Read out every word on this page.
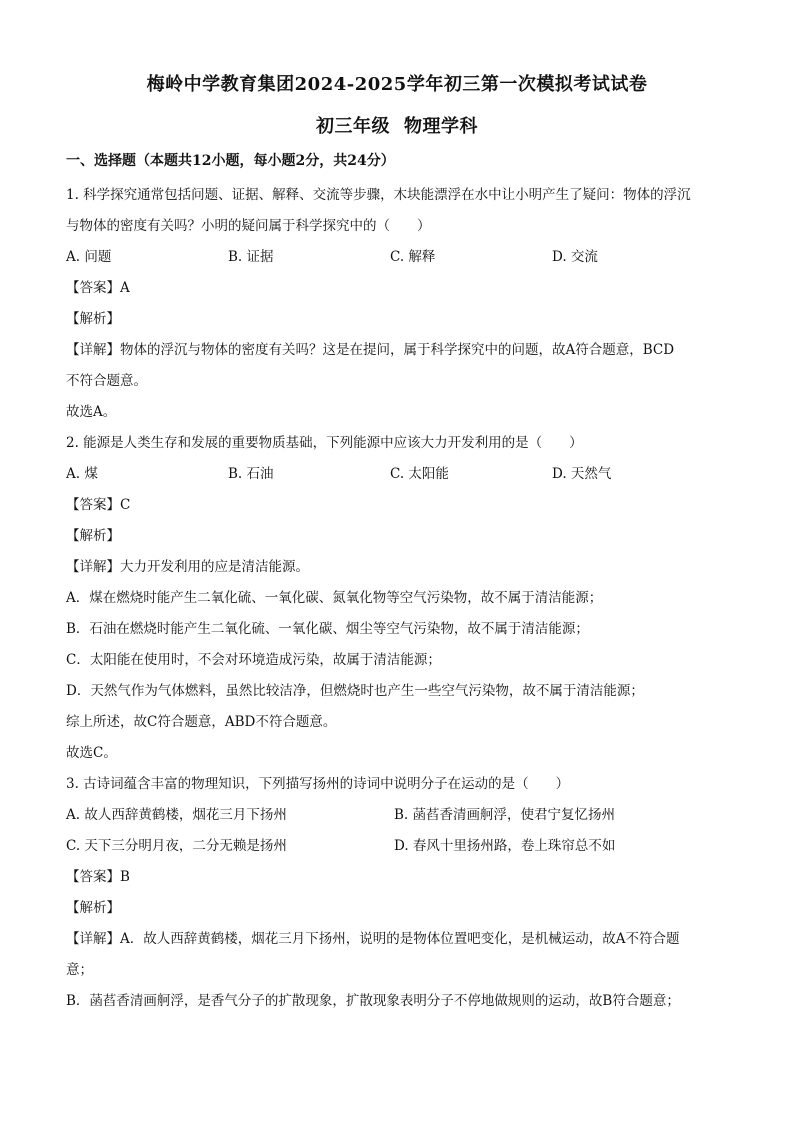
梅岭中学教育集团2024-2025学年初三第一次模拟考试试卷
初三年级 物理学科
一、选择题（本题共12小题，每小题2分，共24分）
1. 科学探究通常包括问题、证据、解释、交流等步骤，木块能漂浮在水中让小明产生了疑问：物体的浮沉
与物体的密度有关吗？小明的疑问属于科学探究中的（　　）
A. 问题	B. 证据	C. 解释	D. 交流
【答案】A
【解析】
【详解】物体的浮沉与物体的密度有关吗？这是在提问，属于科学探究中的问题，故A符合题意，BCD
不符合题意。
故选A。
2. 能源是人类生存和发展的重要物质基础，下列能源中应该大力开发利用的是（　　）
A. 煤	B. 石油	C. 太阳能	D. 天然气
【答案】C
【解析】
【详解】大力开发利用的应是清洁能源。
A．煤在燃烧时能产生二氧化硫、一氧化碳、氮氧化物等空气污染物，故不属于清洁能源；
B．石油在燃烧时能产生二氧化硫、一氧化碳、烟尘等空气污染物，故不属于清洁能源；
C．太阳能在使用时，不会对环境造成污染，故属于清洁能源；
D．天然气作为气体燃料，虽然比较洁净，但燃烧时也产生一些空气污染物，故不属于清洁能源；
综上所述，故C符合题意，ABD不符合题意。
故选C。
3. 古诗词蕴含丰富的物理知识，下列描写扬州的诗词中说明分子在运动的是（　　）
A. 故人西辞黄鹤楼，烟花三月下扬州	B. 菡萏香清画舸浮，使君宁复忆扬州
C. 天下三分明月夜，二分无赖是扬州	D. 春风十里扬州路，卷上珠帘总不如
【答案】B
【解析】
【详解】A．故人西辞黄鹤楼，烟花三月下扬州，说明的是物体位置吧变化，是机械运动，故A不符合题
意；
B．菡萏香清画舸浮，是香气分子的扩散现象，扩散现象表明分子不停地做规则的运动，故B符合题意；
